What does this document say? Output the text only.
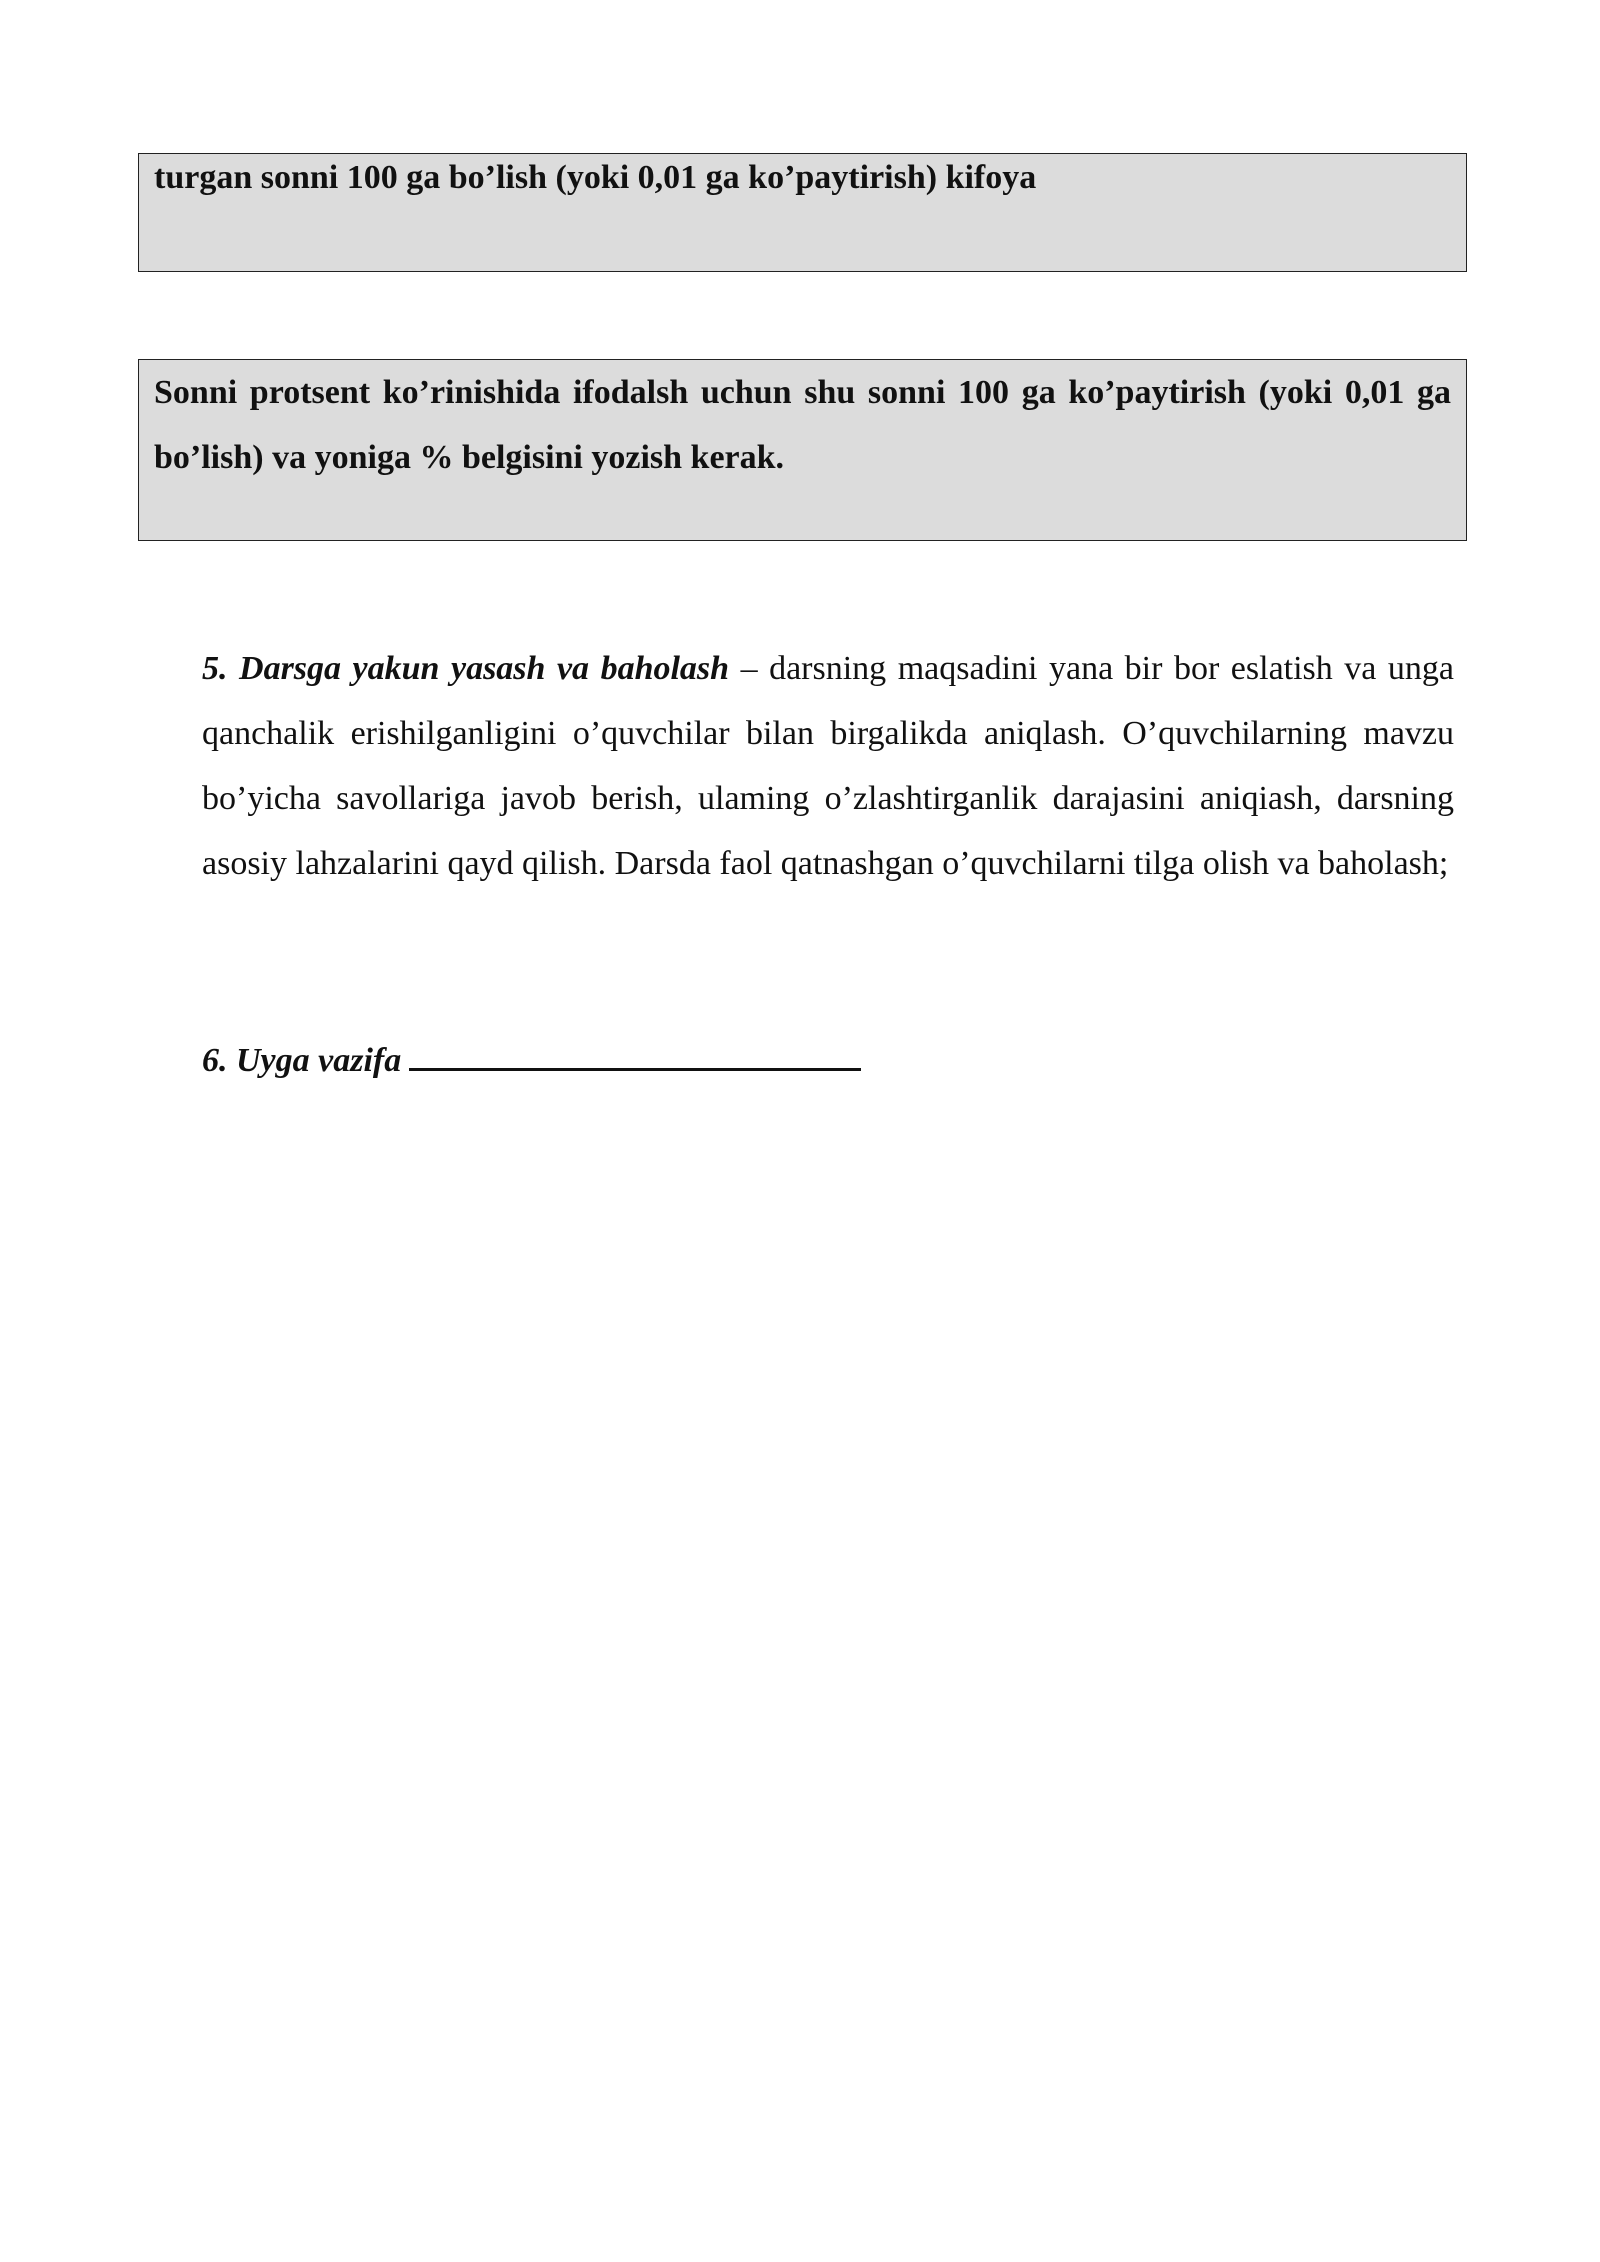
turgan sonni 100 ga bo’lish (yoki 0,01 ga ko’paytirish) kifoya

Sonni protsent ko’rinishida ifodalsh uchun shu sonni 100 ga ko’paytirish (yoki 0,01 ga bo’lish) va yoniga % belgisini yozish kerak.

5. Darsga yakun yasash va baholash – darsning maqsadini yana bir bor eslatish va unga qanchalik erishilganligini o’quvchilar bilan birgalikda aniqlash. O’quvchilarning mavzu bo’yicha savollariga javob berish, ulaming o’zlashtirganlik darajasini aniqiash, darsning asosiy lahzalarini qayd qilish. Darsda faol qatnashgan o’quvchilarni tilga olish va baholash;

6. Uyga vazifa
